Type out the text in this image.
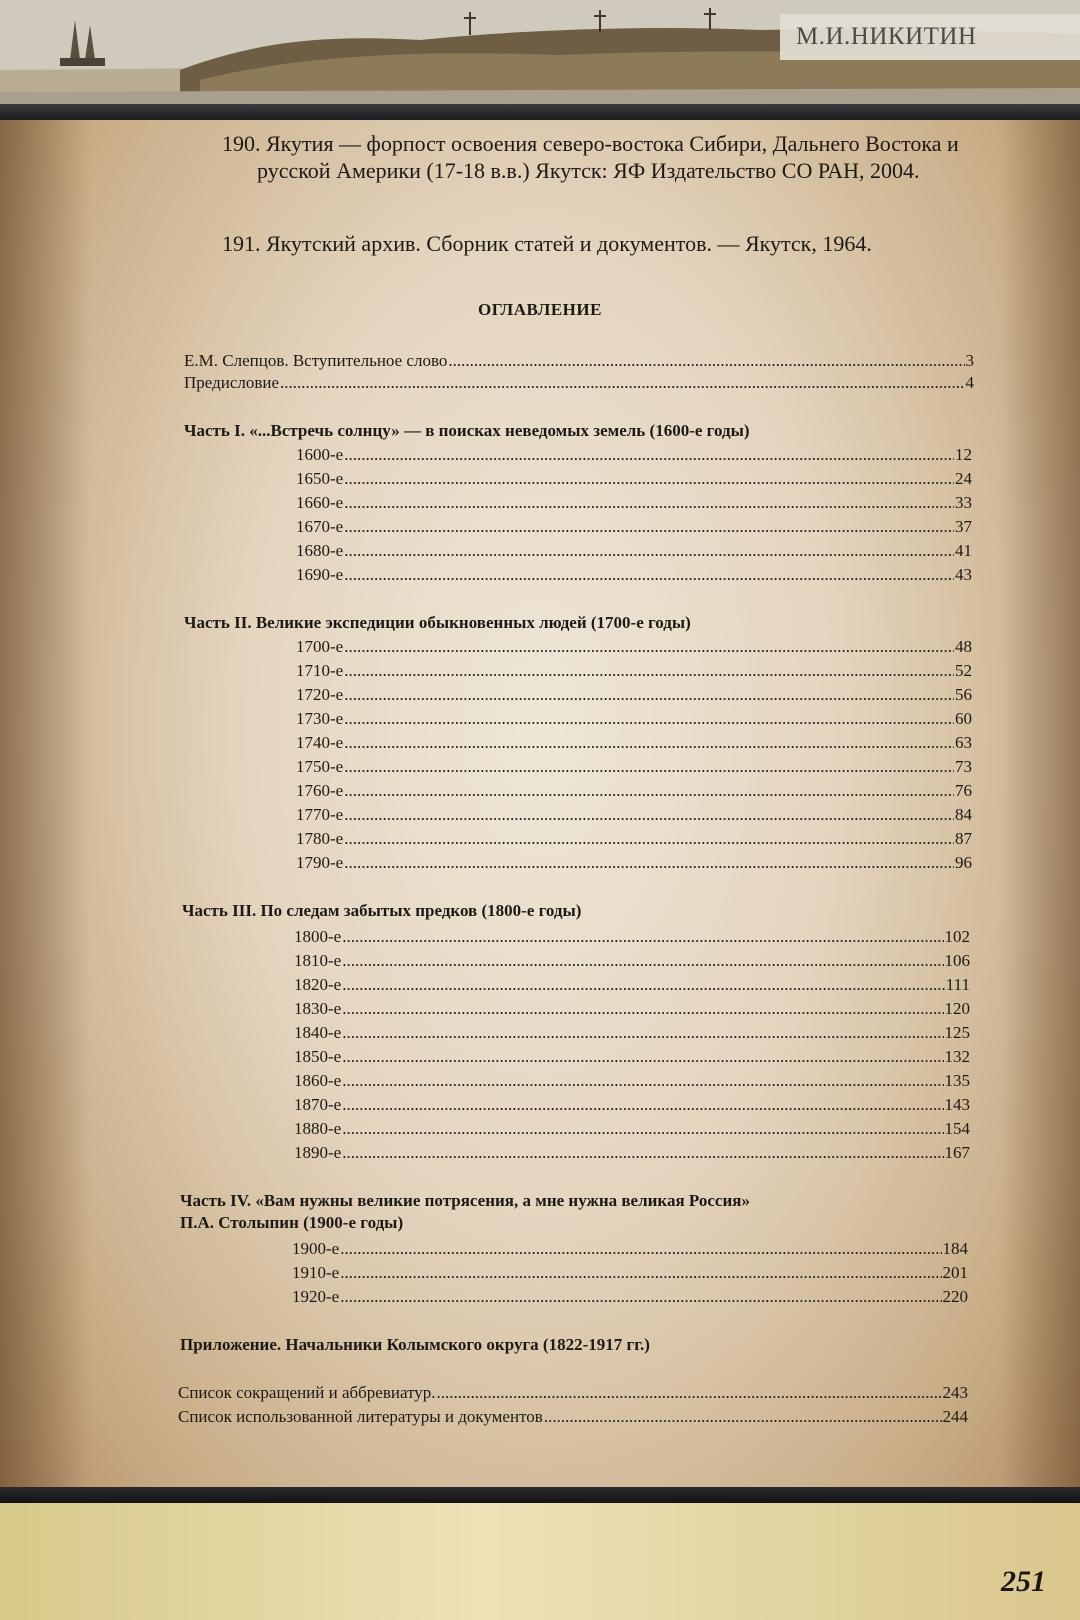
М.И.НИКИТИН
190. Якутия — форпост освоения северо-востока Сибири, Дальнего Востока и русской Америки (17-18 в.в.) Якутск: ЯФ Издательство СО РАН, 2004.
191. Якутский архив. Сборник статей и документов. — Якутск, 1964.
ОГЛАВЛЕНИЕ
Е.М. Слепцов. Вступительное слово .....	3
Предисловие .....	4
Часть I. «...Встречь солнцу» — в поисках неведомых земель (1600-е годы)
1600-е .....	12
1650-е .....	24
1660-е .....	33
1670-е .....	37
1680-е .....	41
1690-е .....	43
Часть II. Великие экспедиции обыкновенных людей (1700-е годы)
1700-е .....	48
1710-е .....	52
1720-е .....	56
1730-е .....	60
1740-е .....	63
1750-е .....	73
1760-е .....	76
1770-е .....	84
1780-е .....	87
1790-е .....	96
Часть III. По следам забытых предков (1800-е годы)
1800-е .....	102
1810-е .....	106
1820-е .....	111
1830-е .....	120
1840-е .....	125
1850-е .....	132
1860-е .....	135
1870-е .....	143
1880-е .....	154
1890-е .....	167
Часть IV. «Вам нужны великие потрясения, а мне нужна великая Россия»
П.А. Столыпин (1900-е годы)
1900-е .....	184
1910-е .....	201
1920-е .....	220
Приложение. Начальники Колымского округа (1822-1917 гг.)
Список сокращений и аббревиатур. .....	243
Список использованной литературы и документов .....	244
251
